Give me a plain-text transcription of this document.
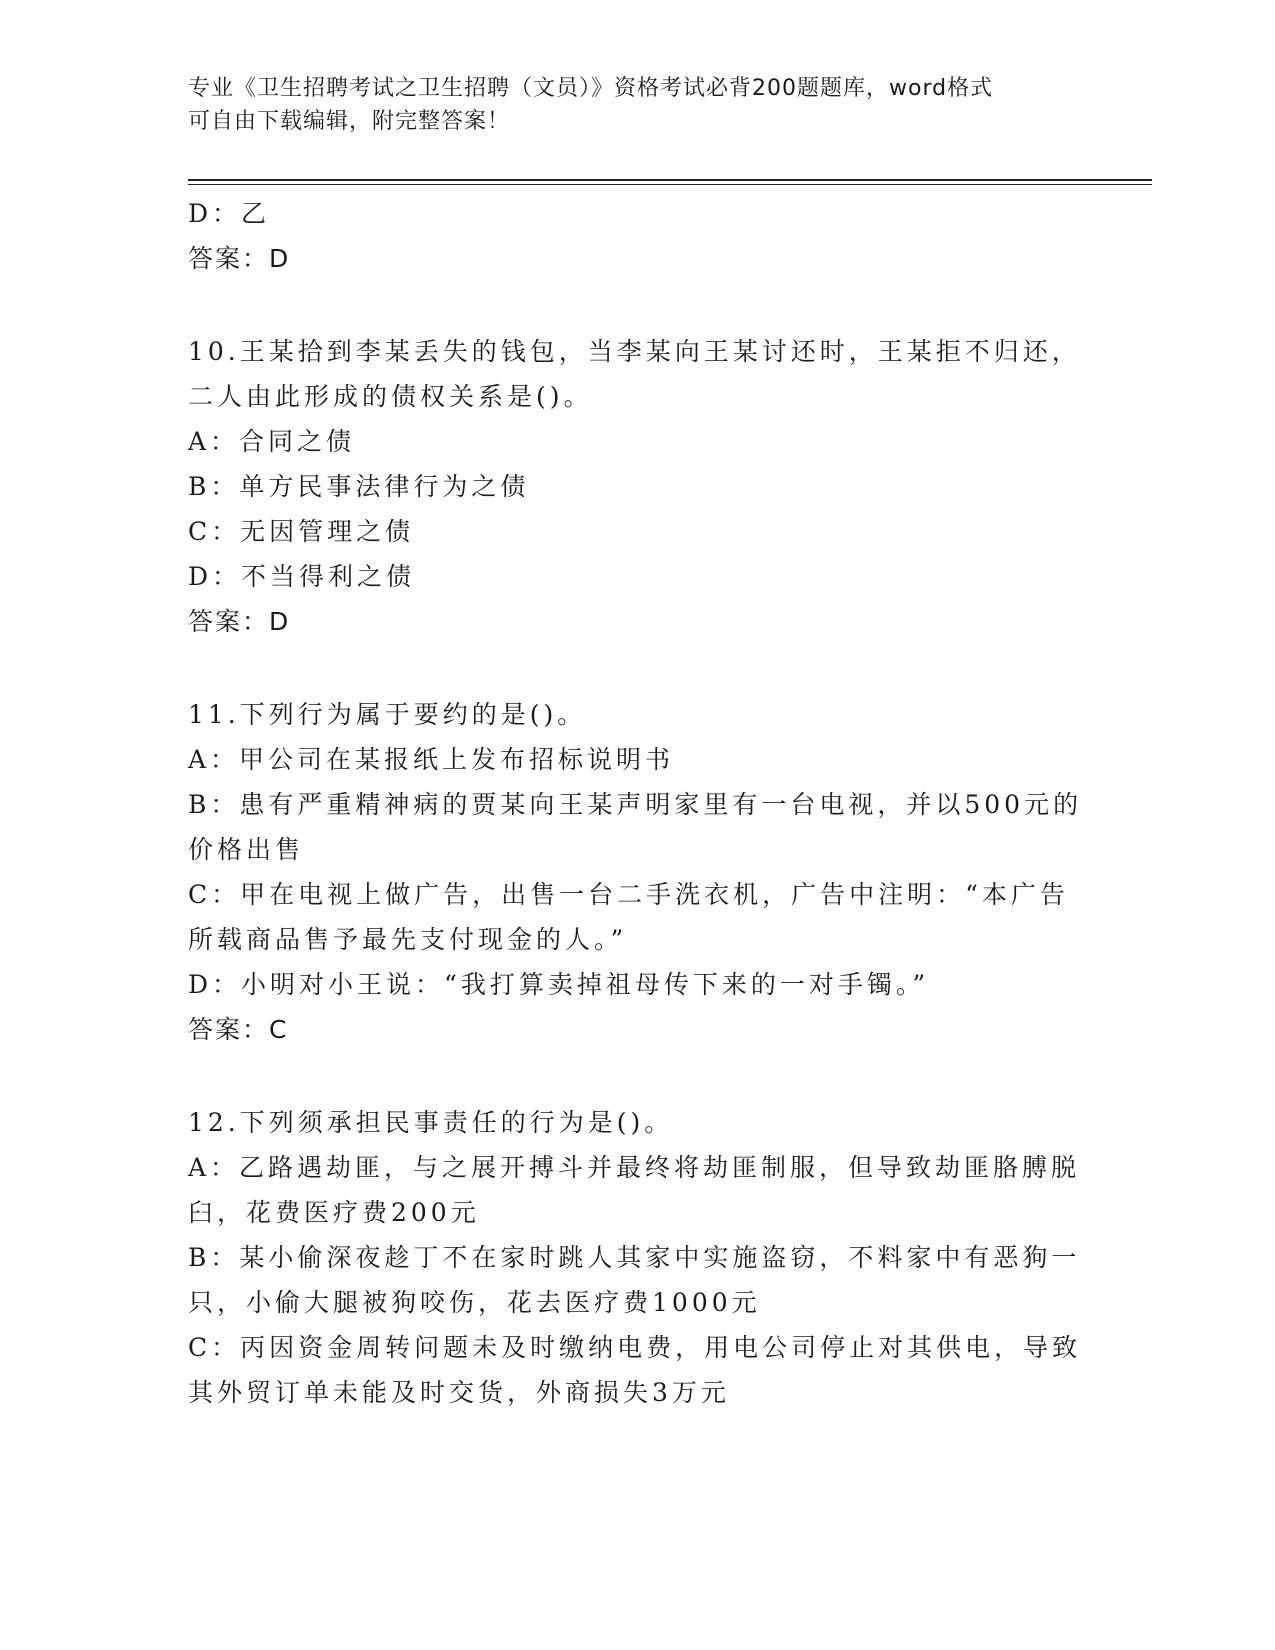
专业《卫生招聘考试之卫生招聘（文员）》资格考试必背200题题库，word格式
可自由下载编辑，附完整答案！

D：乙

答案：D

10.王某拾到李某丢失的钱包，当李某向王某讨还时，王某拒不归还，

二人由此形成的债权关系是()。

A：合同之债

B：单方民事法律行为之债

C：无因管理之债

D：不当得利之债

答案：D

11.下列行为属于要约的是()。

A：甲公司在某报纸上发布招标说明书

B：患有严重精神病的贾某向王某声明家里有一台电视，并以500元的

价格出售

C：甲在电视上做广告，出售一台二手洗衣机，广告中注明：“本广告

所载商品售予最先支付现金的人。”

D：小明对小王说：“我打算卖掉祖母传下来的一对手镯。”

答案：C

12.下列须承担民事责任的行为是()。

A：乙路遇劫匪，与之展开搏斗并最终将劫匪制服，但导致劫匪胳膊脱

臼，花费医疗费200元

B：某小偷深夜趁丁不在家时跳人其家中实施盗窃，不料家中有恶狗一

只，小偷大腿被狗咬伤，花去医疗费1000元

C：丙因资金周转问题未及时缴纳电费，用电公司停止对其供电，导致

其外贸订单未能及时交货，外商损失3万元
